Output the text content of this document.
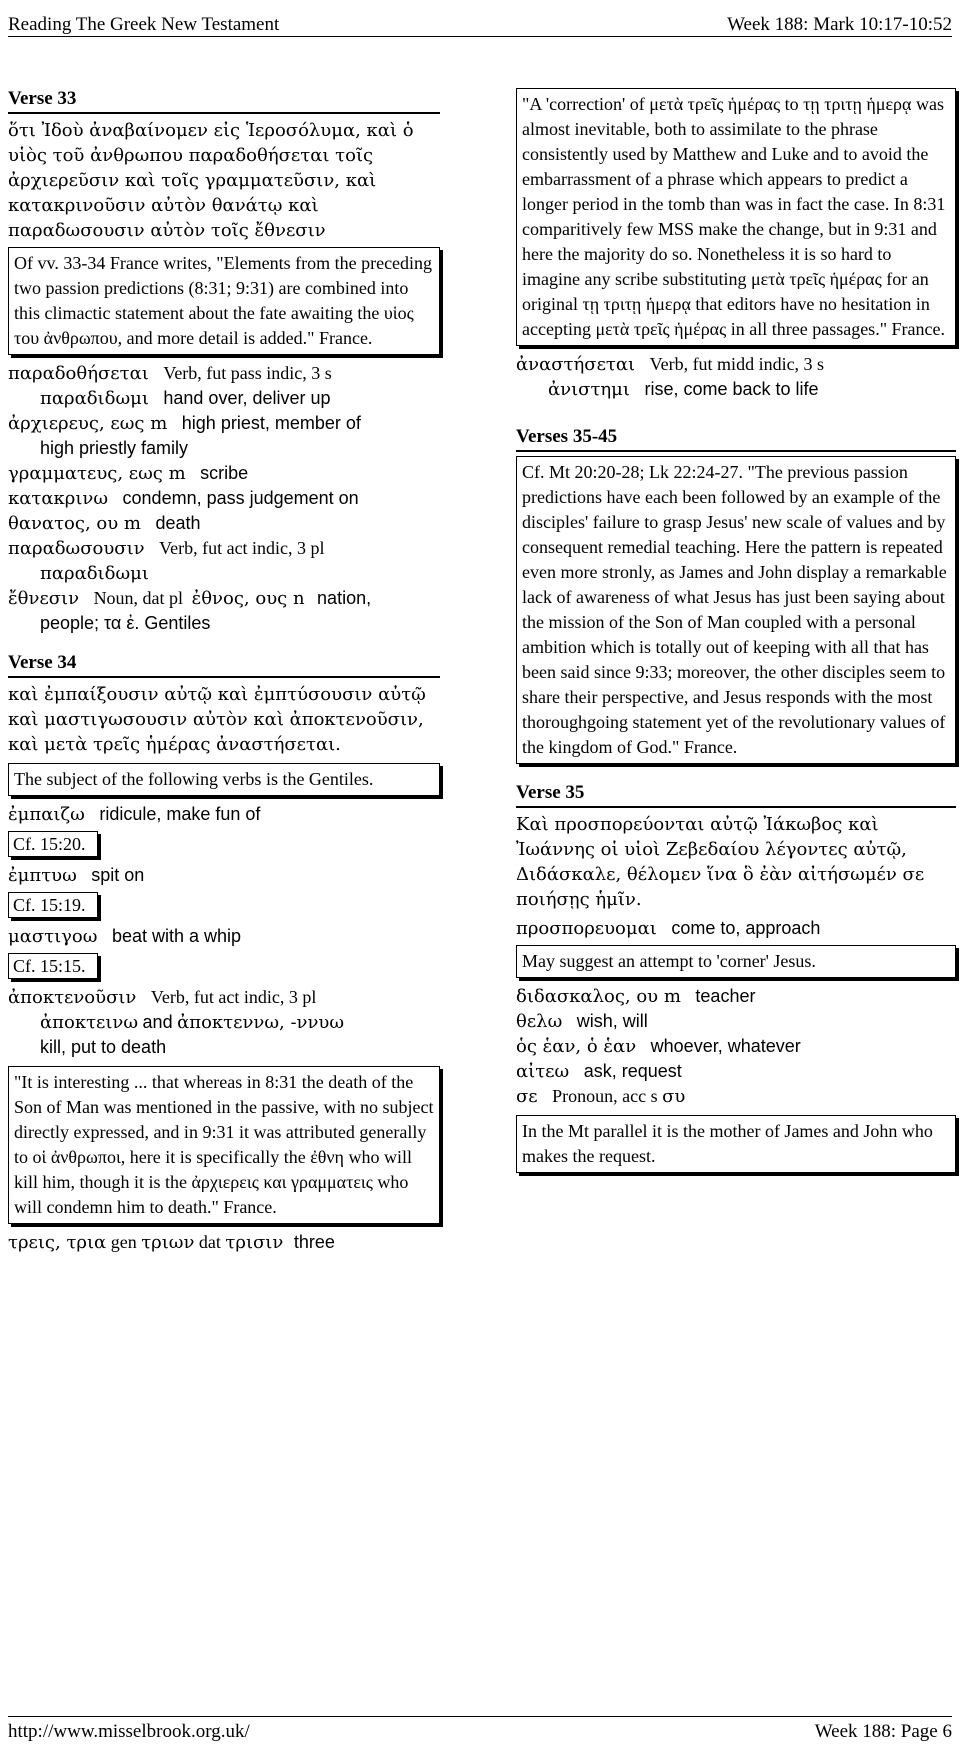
Reading The Greek New Testament	Week 188: Mark 10:17-10:52
Verse 33
ὅτι Ἰδοὺ ἀναβαίνομεν εἰς Ἱεροσόλυμα, καὶ ὁ υἱὸς τοῦ ἀνθρωπου παραδοθήσεται τοῖς ἀρχιερεῦσιν καὶ τοῖς γραμματεῦσιν, καὶ κατακρινοῦσιν αὐτὸν θανάτῳ καὶ παραδωσουσιν αὐτὸν τοῖς ἔθνεσιν
Of vv. 33-34 France writes, "Elements from the preceding two passion predictions (8:31; 9:31) are combined into this climactic statement about the fate awaiting the υἱος του ἀνθρωπου, and more detail is added." France.
παραδοθήσεται Verb, fut pass indic, 3 s
παραδιδωμι hand over, deliver up
ἀρχιερευς, εως m high priest, member of
high priestly family
γραμματευς, εως m scribe
κατακρινω condemn, pass judgement on
θανατος, ου m death
παραδωσουσιν Verb, fut act indic, 3 pl
παραδιδωμι
ἔθνεσιν Noun, dat pl ἐθνος, ους n nation,
people; τα ἐ. Gentiles
Verse 34
καὶ ἐμπαίξουσιν αὐτῷ καὶ ἐμπτύσουσιν αὐτῷ καὶ μαστιγωσουσιν αὐτὸν καὶ ἀποκτενοῦσιν, καὶ μετὰ τρεῖς ἡμέρας ἀναστήσεται.
The subject of the following verbs is the Gentiles.
ἐμπαιζω ridicule, make fun of
Cf. 15:20.
ἐμπτυω spit on
Cf. 15:19.
μαστιγοω beat with a whip
Cf. 15:15.
ἀποκτενοῦσιν Verb, fut act indic, 3 pl
ἀποκτεινω and ἀποκτεννω, -ννυω
kill, put to death
"It is interesting ... that whereas in 8:31 the death of the Son of Man was mentioned in the passive, with no subject directly expressed, and in 9:31 it was attributed generally to οἱ ἀνθρωποι, here it is specifically the ἐθνη who will kill him, though it is the ἀρχιερεις και γραμματεις who will condemn him to death." France.
τρεις, τρια gen τριων dat τρισιν three
"A 'correction' of μετὰ τρεῖς ἡμέρας to τῃ τριτῃ ἡμερᾳ was almost inevitable, both to assimilate to the phrase consistently used by Matthew and Luke and to avoid the embarrassment of a phrase which appears to predict a longer period in the tomb than was in fact the case. In 8:31 comparitively few MSS make the change, but in 9:31 and here the majority do so. Nonetheless it is so hard to imagine any scribe substituting μετὰ τρεῖς ἡμέρας for an original τῃ τριτῃ ἡμερᾳ that editors have no hesitation in accepting μετὰ τρεῖς ἡμέρας in all three passages." France.
ἀναστήσεται Verb, fut midd indic, 3 s
ἀνιστημι rise, come back to life
Verses 35-45
Cf. Mt 20:20-28; Lk 22:24-27. "The previous passion predictions have each been followed by an example of the disciples' failure to grasp Jesus' new scale of values and by consequent remedial teaching. Here the pattern is repeated even more stronly, as James and John display a remarkable lack of awareness of what Jesus has just been saying about the mission of the Son of Man coupled with a personal ambition which is totally out of keeping with all that has been said since 9:33; moreover, the other disciples seem to share their perspective, and Jesus responds with the most thoroughgoing statement yet of the revolutionary values of the kingdom of God." France.
Verse 35
Καὶ προσπορεύονται αὐτῷ Ἰάκωβος καὶ Ἰωάννης οἱ υἱοὶ Ζεβεδαίου λέγοντες αὐτῷ, Διδάσκαλε, θέλομεν ἵνα ὃ ἐὰν αἰτήσωμέν σε ποιήσῃς ἡμῖν.
προσπορευομαι come to, approach
May suggest an attempt to 'corner' Jesus.
διδασκαλος, ου m teacher
θελω wish, will
ὁς ἑαν, ὁ ἑαν whoever, whatever
αἰτεω ask, request
σε Pronoun, acc s συ
In the Mt parallel it is the mother of James and John who makes the request.
http://www.misselbrook.org.uk/	Week 188: Page 6
